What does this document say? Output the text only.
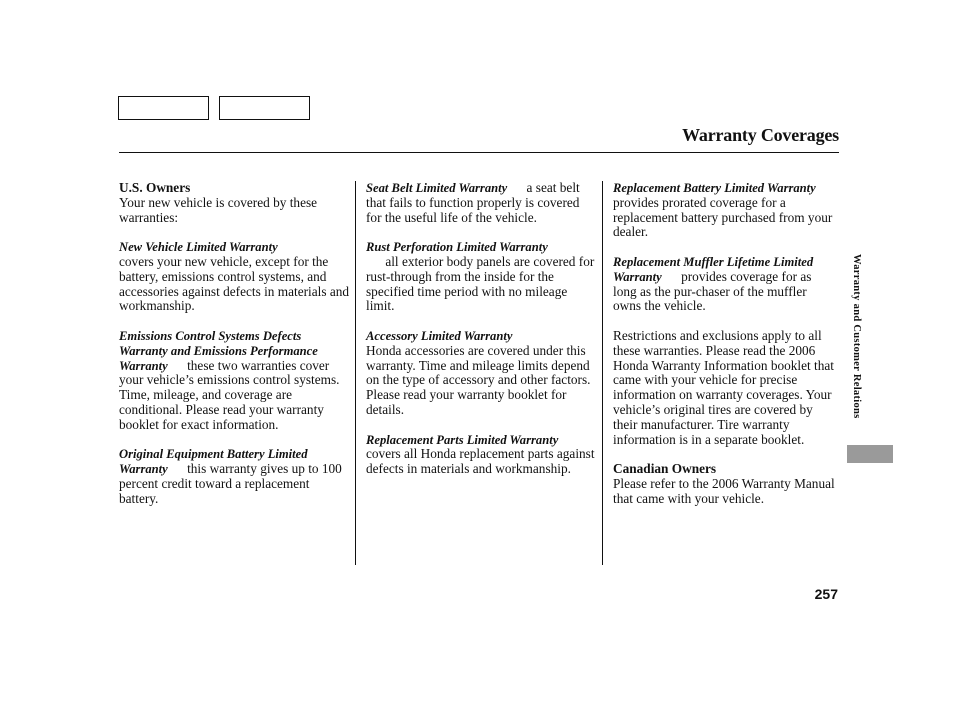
Warranty Coverages
U.S. Owners
Your new vehicle is covered by these warranties:
New Vehicle Limited Warranty
covers your new vehicle, except for the battery, emissions control systems, and accessories against defects in materials and workmanship.
Emissions Control Systems Defects Warranty and Emissions Performance Warranty these two warranties cover your vehicle’s emissions control systems. Time, mileage, and coverage are conditional. Please read your warranty booklet for exact information.
Original Equipment Battery Limited Warranty this warranty gives up to 100 percent credit toward a replacement battery.
Seat Belt Limited Warranty a seat belt that fails to function properly is covered for the useful life of the vehicle.
Rust Perforation Limited Warranty
all exterior body panels are covered for rust-through from the inside for the specified time period with no mileage limit.
Accessory Limited Warranty
Honda accessories are covered under this warranty. Time and mileage limits depend on the type of accessory and other factors. Please read your warranty booklet for details.
Replacement Parts Limited Warranty covers all Honda replacement parts against defects in materials and workmanship.
Replacement Battery Limited Warranty provides prorated coverage for a replacement battery purchased from your dealer.
Replacement Muffler Lifetime Limited Warranty provides coverage for as long as the pur-chaser of the muffler owns the vehicle.
Restrictions and exclusions apply to all these warranties. Please read the 2006 Honda Warranty Information booklet that came with your vehicle for precise information on warranty coverages. Your vehicle’s original tires are covered by their manufacturer. Tire warranty information is in a separate booklet.
Canadian Owners
Please refer to the 2006 Warranty Manual that came with your vehicle.
Warranty and Customer Relations
257
